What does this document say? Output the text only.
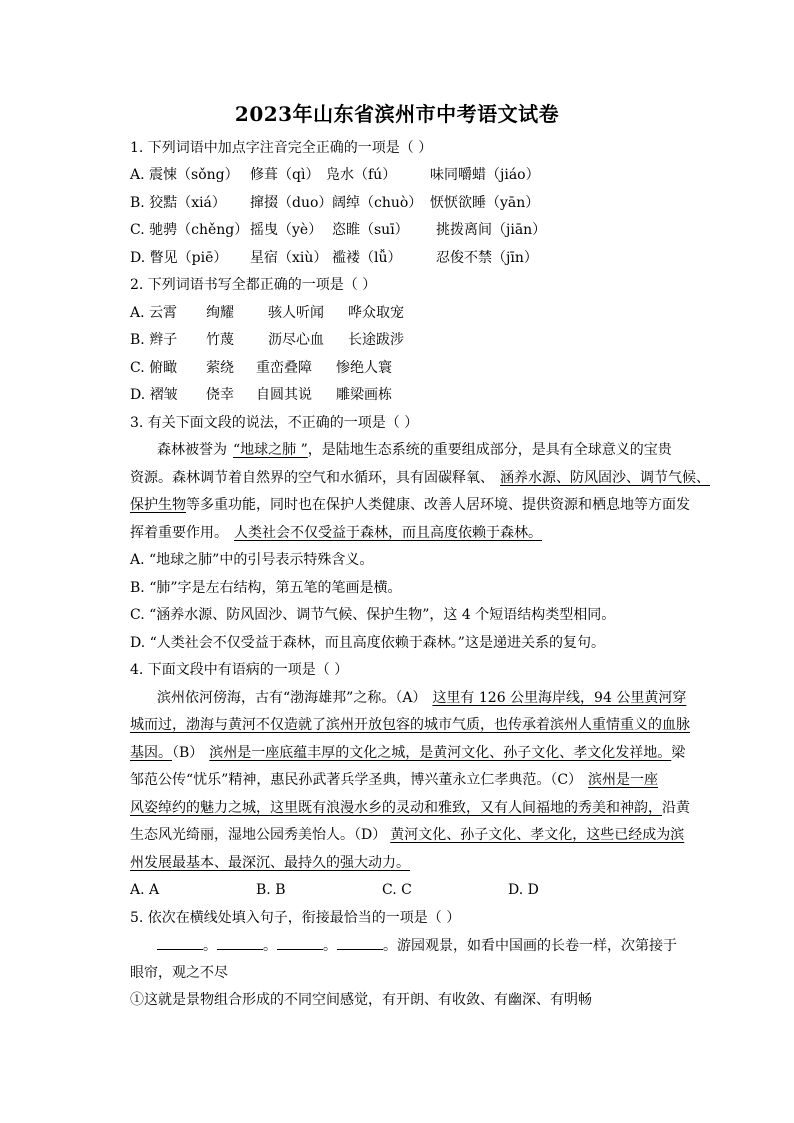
2023年山东省滨州市中考语文试卷
1. 下列词语中加点字注音完全正确的一项是（ ）
A. 震悚（sǒng） 修葺（qì） 凫水（fú） 味同嚼蜡（jiáo）
B. 狡黠（xiá） 撺掇（duo）阔绰（chuò） 恹恹欲睡（yān）
C. 驰骋（chěng） 摇曳（yè） 恣睢（suī） 挑拨离间（jiān）
D. 瞥见（piē） 星宿（xiù） 褴褛（lǚ） 忍俊不禁（jīn）
2. 下列词语书写全都正确的一项是（ ）
A. 云霄 绚耀 骇人听闻 哗众取宠
B. 辫子 竹蔑 沥尽心血 长途跋涉
C. 俯瞰 萦绕 重峦叠障 惨绝人寰
D. 褶皱 侥幸 自圆其说 雕梁画栋
3. 有关下面文段的说法，不正确的一项是（ ）
森林被誉为 “地球之肺 ”，是陆地生态系统的重要组成部分，是具有全球意义的宝贵
资源。森林调节着自然界的空气和水循环，具有固碳释氧、 涵养水源、防风固沙、调节气候、
保护生物等多重功能，同时也在保护人类健康、改善人居环境、提供资源和栖息地等方面发
挥着重要作用。 人类社会不仅受益于森林，而且高度依赖于森林。
A. “地球之肺”中的引号表示特殊含义。
B. “肺”字是左右结构，第五笔的笔画是横。
C. “涵养水源、防风固沙、调节气候、保护生物”，这 4 个短语结构类型相同。
D. “人类社会不仅受益于森林，而且高度依赖于森林。”这是递进关系的复句。
4. 下面文段中有语病的一项是（ ）
滨州依河傍海，古有“渤海雄邦”之称。（A） 这里有 126 公里海岸线，94 公里黄河穿
城而过，渤海与黄河不仅造就了滨州开放包容的城市气质，也传承着滨州人重情重义的血脉
基因。（B） 滨州是一座底蕴丰厚的文化之城，是黄河文化、孙子文化、孝文化发祥地。梁
邹范公传“忧乐”精神，惠民孙武著兵学圣典，博兴董永立仁孝典范。（C） 滨州是一座
风姿绰约的魅力之城，这里既有浪漫水乡的灵动和雅致，又有人间福地的秀美和神韵，沿黄
生态风光绮丽，湿地公园秀美怡人。（D） 黄河文化、孙子文化、孝文化，这些已经成为滨
州发展最基本、最深沉、最持久的强大动力。
A. A	B. B	C. C	D. D
5. 依次在横线处填入句子，衔接最恰当的一项是（ ）
。	。	。	。游园观景，如看中国画的长卷一样，次第接于
眼帘，观之不尽
①这就是景物组合形成的不同空间感觉，有开朗、有收敛、有幽深、有明畅
